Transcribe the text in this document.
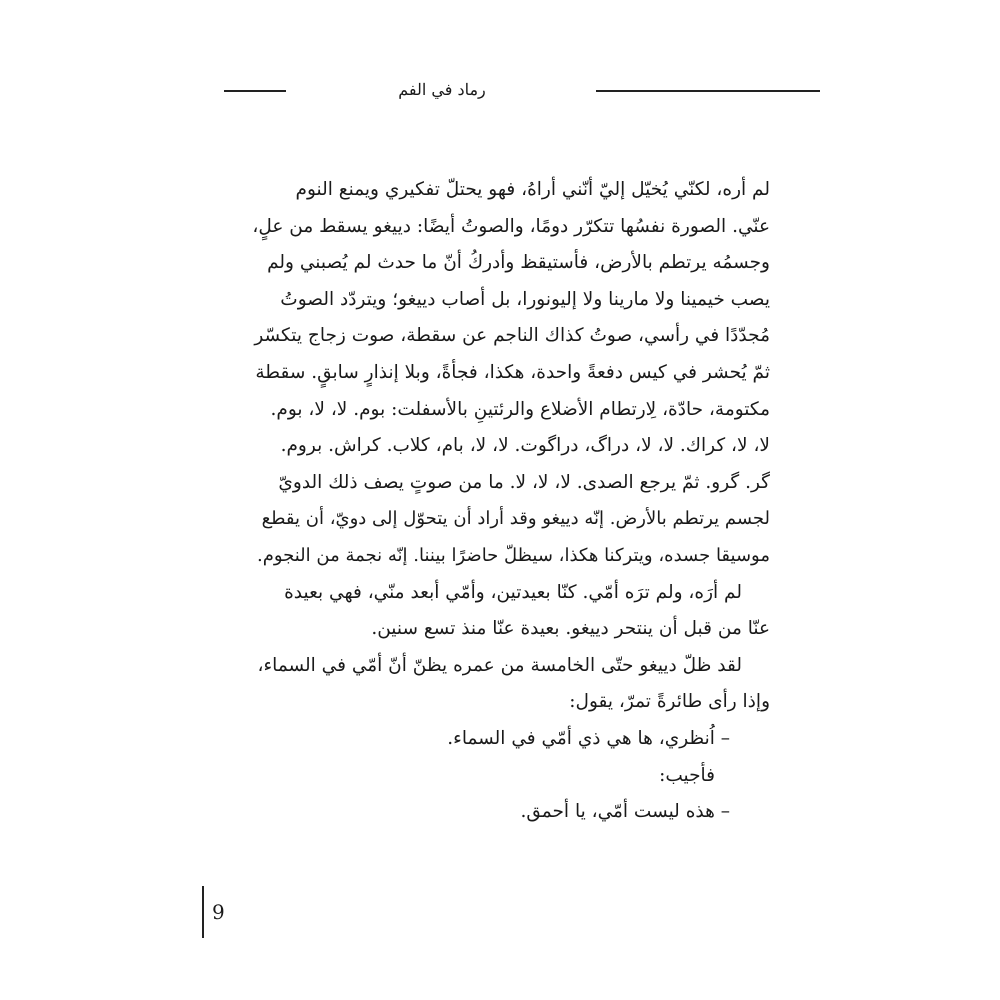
رماد في الفم
لم أره، لكنّي يُخيّل إليّ أنّني أراهُ، فهو يحتلّ تفكيري ويمنع النوم
عنّي. الصورة نفسُها تتكرّر دومًا، والصوتُ أيضًا: دييغو يسقط من علٍ،
وجسمُه يرتطم بالأرض، فأستيقظ وأدركُ أنّ ما حدث لم يُصبني ولم
يصب خيمينا ولا مارينا ولا إليونورا، بل أصاب دييغو؛ ويتردّد الصوتُ
مُجدّدًا في رأسي، صوتُ كذاك الناجم عن سقطة، صوت زجاج يتكسّر
ثمّ يُحشر في كيس دفعةً واحدة، هكذا، فجأةً، وبلا إنذارٍ سابقٍ. سقطة
مكتومة، حادّة، لِارتطام الأضلاع والرئتينِ بالأسفلت: بوم. لا، لا، بوم.
لا، لا، كراك. لا، لا، دراگ، دراگوت. لا، لا، بام، كلاب. كراش. بروم.
گر. گرو. ثمّ يرجع الصدى. لا، لا، لا. ما من صوتٍ يصف ذلك الدويّ
لجسم يرتطم بالأرض. إنّه دييغو وقد أراد أن يتحوّل إلى دويّ، أن يقطع
موسيقا جسده، ويتركنا هكذا، سيظلّ حاضرًا بيننا. إنّه نجمة من النجوم.
لم أرَه، ولم ترَه أمّي. كنّا بعيدتين، وأمّي أبعد منّي، فهي بعيدة
عنّا من قبل أن ينتحر دييغو. بعيدة عنّا منذ تسع سنين.
لقد ظلّ دييغو حتّى الخامسة من عمره يظنّ أنّ أمّي في السماء،
وإذا رأى طائرةً تمرّ، يقول:
– اُنظري، ها هي ذي أمّي في السماء.
فأجيب:
– هذه ليست أمّي، يا أحمق.
9
